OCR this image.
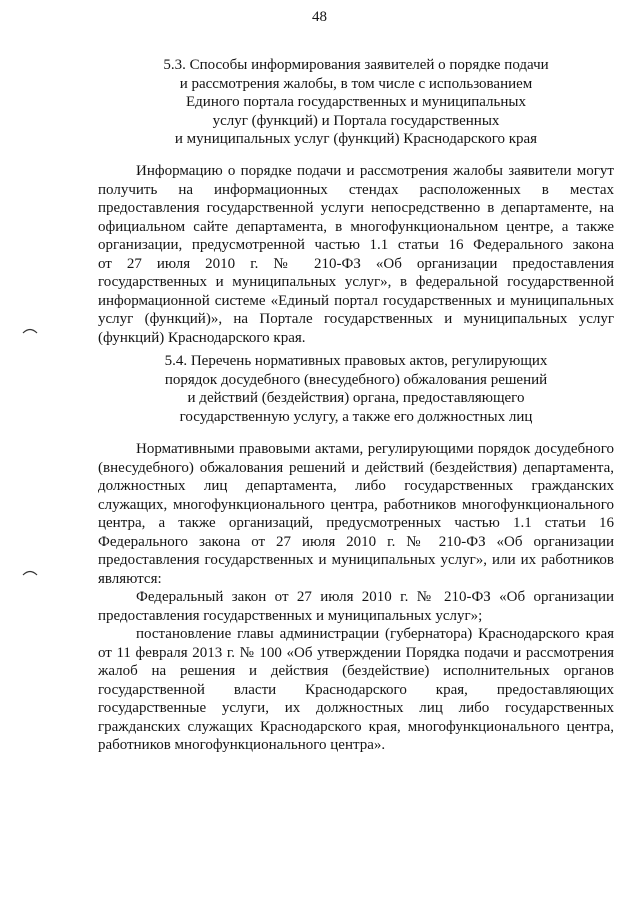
48
5.3. Способы информирования заявителей о порядке подачи
и рассмотрения жалобы, в том числе с использованием
Единого портала государственных и муниципальных
услуг (функций) и Портала государственных
и муниципальных услуг (функций) Краснодарского края
Информацию о порядке подачи и рассмотрения жалобы заявители могут
получить на информационных стендах расположенных в местах
предоставления государственной услуги непосредственно в департаменте, на
официальном сайте департамента, в многофункциональном центре, а также
организации, предусмотренной частью 1.1 статьи 16 Федерального закона
от 27 июля 2010 г. № 210-ФЗ «Об организации предоставления
государственных и муниципальных услуг», в федеральной государственной
информационной системе «Единый портал государственных и муниципальных
услуг (функций)», на Портале государственных и муниципальных услуг
(функций) Краснодарского края.
5.4. Перечень нормативных правовых актов, регулирующих
порядок досудебного (внесудебного) обжалования решений
и действий (бездействия) органа, предоставляющего
государственную услугу, а также его должностных лиц
Нормативными правовыми актами, регулирующими порядок досудебного
(внесудебного) обжалования решений и действий (бездействия) департамента,
должностных лиц департамента, либо государственных гражданских
служащих, многофункционального центра, работников многофункционального
центра, а также организаций, предусмотренных частью 1.1 статьи 16
Федерального закона от 27 июля 2010 г. № 210-ФЗ «Об организации
предоставления государственных и муниципальных услуг», или их работников
являются:
Федеральный закон от 27 июля 2010 г. № 210-ФЗ «Об организации
предоставления государственных и муниципальных услуг»;
постановление главы администрации (губернатора) Краснодарского края
от 11 февраля 2013 г. № 100 «Об утверждении Порядка подачи и рассмотрения
жалоб на решения и действия (бездействие) исполнительных органов
государственной власти Краснодарского края, предоставляющих
государственные услуги, их должностных лиц либо государственных
гражданских служащих Краснодарского края, многофункционального центра,
работников многофункционального центра».
